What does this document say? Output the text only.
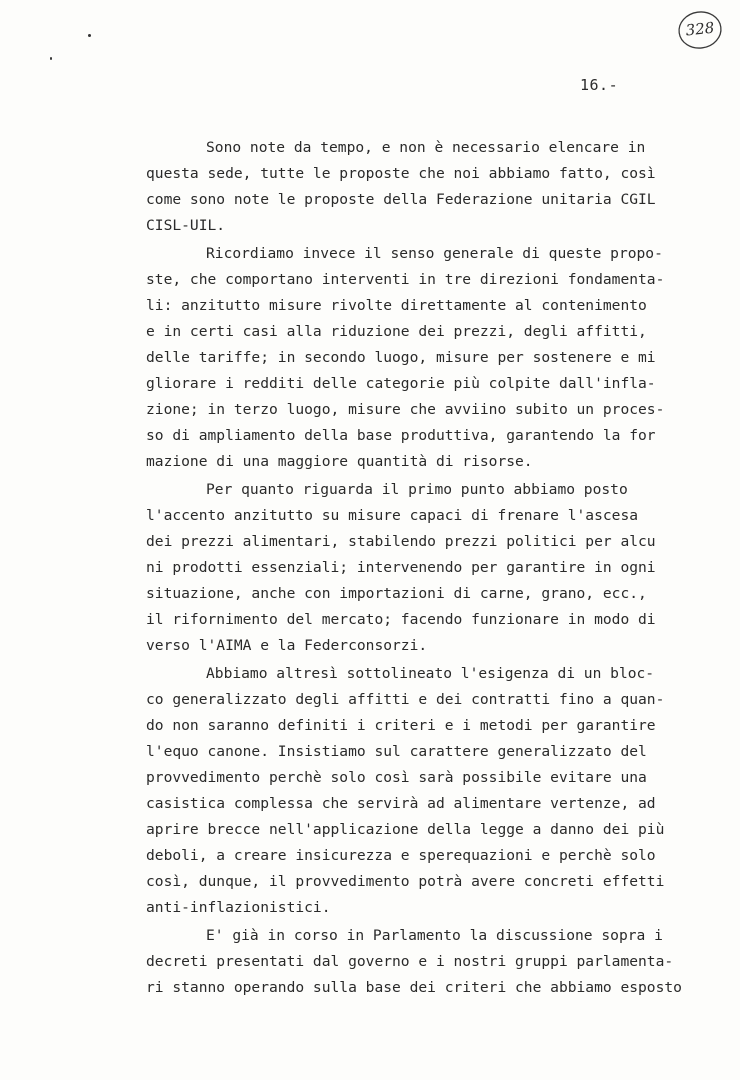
328
16.-
Sono note da tempo, e non è necessario elencare in
questa sede, tutte le proposte che noi abbiamo fatto, così
come sono note le proposte della Federazione unitaria CGIL
CISL-UIL.
Ricordiamo invece il senso generale di queste propo-
ste, che comportano interventi in tre direzioni fondamenta-
li: anzitutto misure rivolte direttamente al contenimento
e in certi casi alla riduzione dei prezzi, degli affitti,
delle tariffe; in secondo luogo, misure per sostenere e mi
gliorare i redditi delle categorie più colpite dall'infla-
zione; in terzo luogo, misure che avviino subito un proces-
so di ampliamento della base produttiva, garantendo la for
mazione di una maggiore quantità di risorse.
Per quanto riguarda il primo punto abbiamo posto
l'accento anzitutto su misure capaci di frenare l'ascesa
dei prezzi alimentari, stabilendo prezzi politici per alcu
ni prodotti essenziali; intervenendo per garantire in ogni
situazione, anche con importazioni di carne, grano, ecc.,
il rifornimento del mercato; facendo funzionare in modo di
verso l'AIMA e la Federconsorzi.
Abbiamo altresì sottolineato l'esigenza di un bloc-
co generalizzato degli affitti e dei contratti fino a quan-
do non saranno definiti i criteri e i metodi per garantire
l'equo canone. Insistiamo sul carattere generalizzato del
provvedimento perchè solo così sarà possibile evitare una
casistica complessa che servirà ad alimentare vertenze, ad
aprire brecce nell'applicazione della legge a danno dei più
deboli, a creare insicurezza e sperequazioni e perchè solo
così, dunque, il provvedimento potrà avere concreti effetti
anti-inflazionistici.
E' già in corso in Parlamento la discussione sopra i
decreti presentati dal governo e i nostri gruppi parlamenta-
ri stanno operando sulla base dei criteri che abbiamo esposto
